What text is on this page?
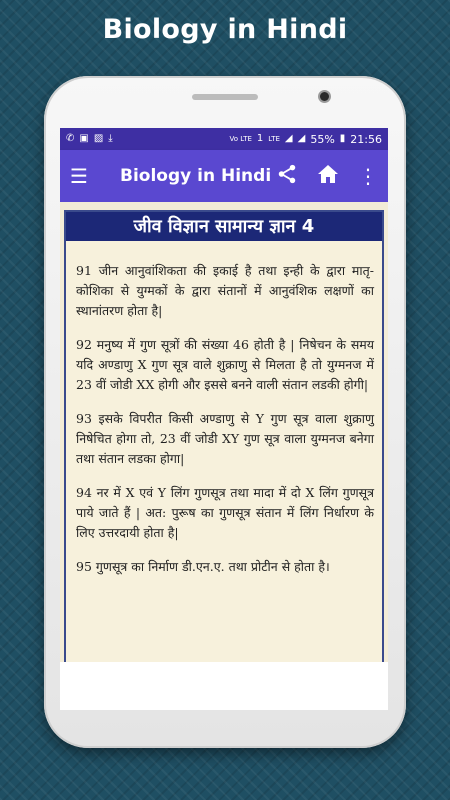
Biology in Hindi
✆ ▣ ▨ ⤓	Vo LTE 1 LTE ◢ ◢ 55% ▮ 21:56
☰ Biology in Hindi	⋮
जीव विज्ञान सामान्य ज्ञान 4

91 जीन आनुवांशिकता की इकाई है तथा इन्ही के द्वारा मातृ-कोशिका से युग्मकों के द्वारा संतानों में आनुवंशिक लक्षणों का स्थानांतरण होता है|

92 मनुष्य में गुण सूत्रों की संख्या 46 होती है | निषेचन के समय यदि अण्डाणु X गुण सूत्र वाले शुक्राणु से मिलता है तो युग्मनज में 23 वीं जोडी XX होगी और इससे बनने वाली संतान लडकी होगी|

93 इसके विपरीत किसी अण्डाणु से Y गुण सूत्र वाला शुक्राणु निषेचित होगा तो, 23 वीं जोडी XY गुण सूत्र वाला युग्मनज बनेगा तथा संतान लडका होगा|

94 नर में X एवं Y लिंग गुणसूत्र तथा मादा में दो X लिंग गुणसूत्र पाये जाते हैं | अत: पुरूष का गुणसूत्र संतान में लिंग निर्धारण के लिए उत्तरदायी होता है|

95 गुणसूत्र का निर्माण डी.एन.ए. तथा प्रोटीन से होता है।
